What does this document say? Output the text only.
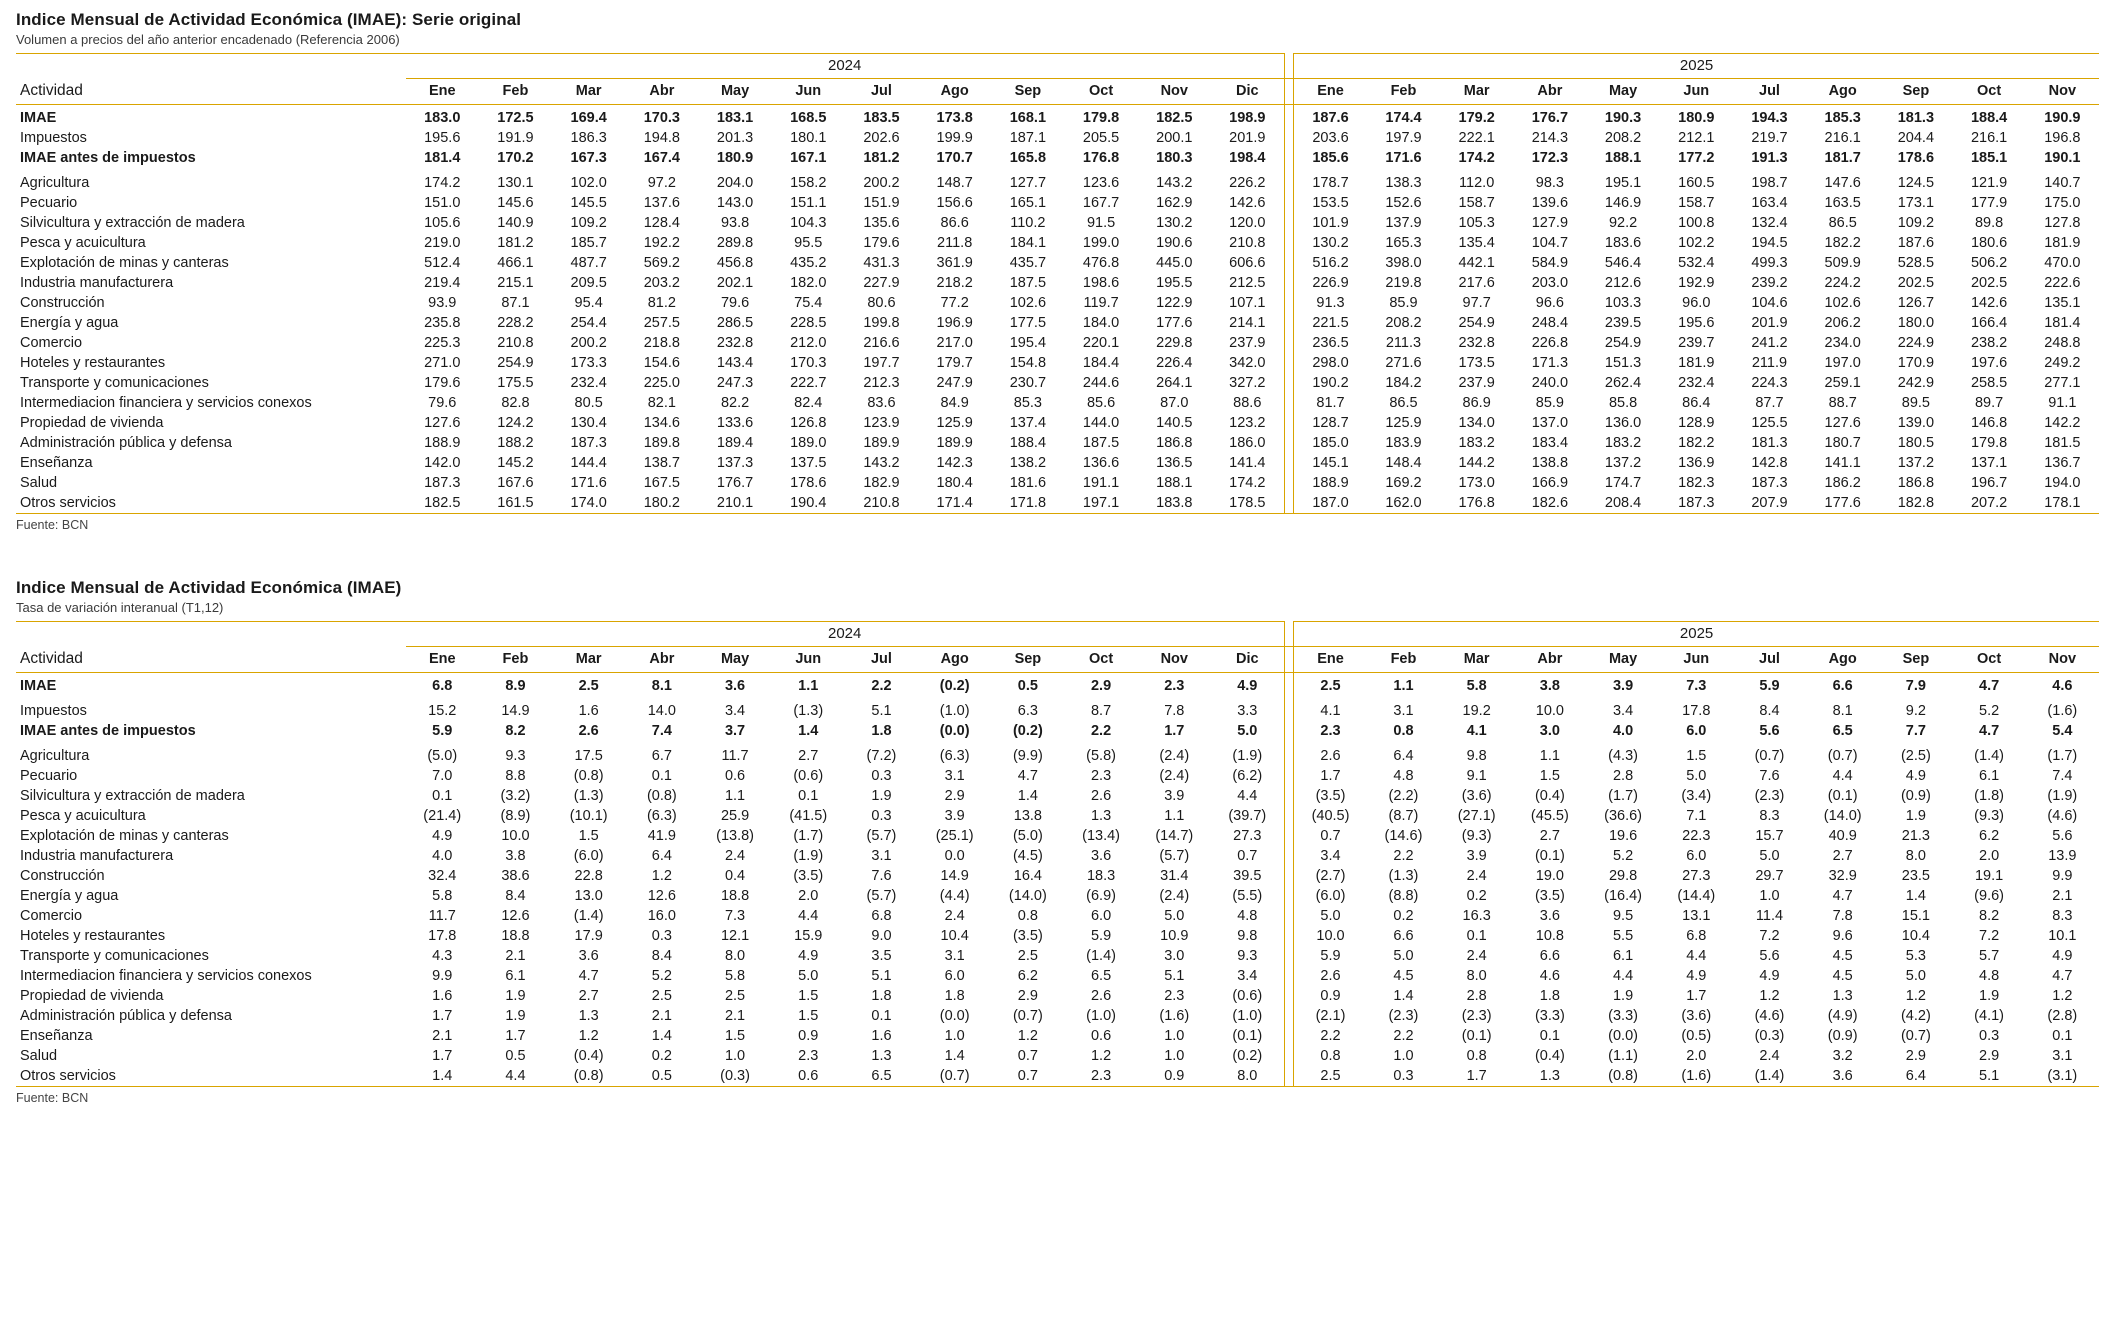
Indice Mensual de Actividad Económica (IMAE): Serie original
Volumen a precios del año anterior encadenado (Referencia 2006)
Actividad	2024													2025										
	Ene	Feb	Mar	Abr	May	Jun	Jul	Ago	Sep	Oct	Nov	Dic		Ene	Feb	Mar	Abr	May	Jun	Jul	Ago	Sep	Oct	Nov
IMAE	183.0	172.5	169.4	170.3	183.1	168.5	183.5	173.8	168.1	179.8	182.5	198.9		187.6	174.4	179.2	176.7	190.3	180.9	194.3	185.3	181.3	188.4	190.9
Impuestos	195.6	191.9	186.3	194.8	201.3	180.1	202.6	199.9	187.1	205.5	200.1	201.9		203.6	197.9	222.1	214.3	208.2	212.1	219.7	216.1	204.4	216.1	196.8
IMAE antes de impuestos	181.4	170.2	167.3	167.4	180.9	167.1	181.2	170.7	165.8	176.8	180.3	198.4		185.6	171.6	174.2	172.3	188.1	177.2	191.3	181.7	178.6	185.1	190.1
Agricultura	174.2	130.1	102.0	97.2	204.0	158.2	200.2	148.7	127.7	123.6	143.2	226.2		178.7	138.3	112.0	98.3	195.1	160.5	198.7	147.6	124.5	121.9	140.7
Pecuario	151.0	145.6	145.5	137.6	143.0	151.1	151.9	156.6	165.1	167.7	162.9	142.6		153.5	152.6	158.7	139.6	146.9	158.7	163.4	163.5	173.1	177.9	175.0
Silvicultura y extracción de madera	105.6	140.9	109.2	128.4	93.8	104.3	135.6	86.6	110.2	91.5	130.2	120.0		101.9	137.9	105.3	127.9	92.2	100.8	132.4	86.5	109.2	89.8	127.8
Pesca y acuicultura	219.0	181.2	185.7	192.2	289.8	95.5	179.6	211.8	184.1	199.0	190.6	210.8		130.2	165.3	135.4	104.7	183.6	102.2	194.5	182.2	187.6	180.6	181.9
Explotación de minas y canteras	512.4	466.1	487.7	569.2	456.8	435.2	431.3	361.9	435.7	476.8	445.0	606.6		516.2	398.0	442.1	584.9	546.4	532.4	499.3	509.9	528.5	506.2	470.0
Industria manufacturera	219.4	215.1	209.5	203.2	202.1	182.0	227.9	218.2	187.5	198.6	195.5	212.5		226.9	219.8	217.6	203.0	212.6	192.9	239.2	224.2	202.5	202.5	222.6
Construcción	93.9	87.1	95.4	81.2	79.6	75.4	80.6	77.2	102.6	119.7	122.9	107.1		91.3	85.9	97.7	96.6	103.3	96.0	104.6	102.6	126.7	142.6	135.1
Energía y agua	235.8	228.2	254.4	257.5	286.5	228.5	199.8	196.9	177.5	184.0	177.6	214.1		221.5	208.2	254.9	248.4	239.5	195.6	201.9	206.2	180.0	166.4	181.4
Comercio	225.3	210.8	200.2	218.8	232.8	212.0	216.6	217.0	195.4	220.1	229.8	237.9		236.5	211.3	232.8	226.8	254.9	239.7	241.2	234.0	224.9	238.2	248.8
Hoteles y restaurantes	271.0	254.9	173.3	154.6	143.4	170.3	197.7	179.7	154.8	184.4	226.4	342.0		298.0	271.6	173.5	171.3	151.3	181.9	211.9	197.0	170.9	197.6	249.2
Transporte y comunicaciones	179.6	175.5	232.4	225.0	247.3	222.7	212.3	247.9	230.7	244.6	264.1	327.2		190.2	184.2	237.9	240.0	262.4	232.4	224.3	259.1	242.9	258.5	277.1
Intermediacion financiera y servicios conexos	79.6	82.8	80.5	82.1	82.2	82.4	83.6	84.9	85.3	85.6	87.0	88.6		81.7	86.5	86.9	85.9	85.8	86.4	87.7	88.7	89.5	89.7	91.1
Propiedad de vivienda	127.6	124.2	130.4	134.6	133.6	126.8	123.9	125.9	137.4	144.0	140.5	123.2		128.7	125.9	134.0	137.0	136.0	128.9	125.5	127.6	139.0	146.8	142.2
Administración pública y defensa	188.9	188.2	187.3	189.8	189.4	189.0	189.9	189.9	188.4	187.5	186.8	186.0		185.0	183.9	183.2	183.4	183.2	182.2	181.3	180.7	180.5	179.8	181.5
Enseñanza	142.0	145.2	144.4	138.7	137.3	137.5	143.2	142.3	138.2	136.6	136.5	141.4		145.1	148.4	144.2	138.8	137.2	136.9	142.8	141.1	137.2	137.1	136.7
Salud	187.3	167.6	171.6	167.5	176.7	178.6	182.9	180.4	181.6	191.1	188.1	174.2		188.9	169.2	173.0	166.9	174.7	182.3	187.3	186.2	186.8	196.7	194.0
Otros servicios	182.5	161.5	174.0	180.2	210.1	190.4	210.8	171.4	171.8	197.1	183.8	178.5		187.0	162.0	176.8	182.6	208.4	187.3	207.9	177.6	182.8	207.2	178.1
Fuente: BCN
Indice Mensual de Actividad Económica (IMAE)
Tasa de variación interanual (T1,12)
Actividad	2024													2025										
	Ene	Feb	Mar	Abr	May	Jun	Jul	Ago	Sep	Oct	Nov	Dic		Ene	Feb	Mar	Abr	May	Jun	Jul	Ago	Sep	Oct	Nov
IMAE	6.8	8.9	2.5	8.1	3.6	1.1	2.2	(0.2)	0.5	2.9	2.3	4.9		2.5	1.1	5.8	3.8	3.9	7.3	5.9	6.6	7.9	4.7	4.6
Impuestos	15.2	14.9	1.6	14.0	3.4	(1.3)	5.1	(1.0)	6.3	8.7	7.8	3.3		4.1	3.1	19.2	10.0	3.4	17.8	8.4	8.1	9.2	5.2	(1.6)
IMAE antes de impuestos	5.9	8.2	2.6	7.4	3.7	1.4	1.8	(0.0)	(0.2)	2.2	1.7	5.0		2.3	0.8	4.1	3.0	4.0	6.0	5.6	6.5	7.7	4.7	5.4
Agricultura	(5.0)	9.3	17.5	6.7	11.7	2.7	(7.2)	(6.3)	(9.9)	(5.8)	(2.4)	(1.9)		2.6	6.4	9.8	1.1	(4.3)	1.5	(0.7)	(0.7)	(2.5)	(1.4)	(1.7)
Pecuario	7.0	8.8	(0.8)	0.1	0.6	(0.6)	0.3	3.1	4.7	2.3	(2.4)	(6.2)		1.7	4.8	9.1	1.5	2.8	5.0	7.6	4.4	4.9	6.1	7.4
Silvicultura y extracción de madera	0.1	(3.2)	(1.3)	(0.8)	1.1	0.1	1.9	2.9	1.4	2.6	3.9	4.4		(3.5)	(2.2)	(3.6)	(0.4)	(1.7)	(3.4)	(2.3)	(0.1)	(0.9)	(1.8)	(1.9)
Pesca y acuicultura	(21.4)	(8.9)	(10.1)	(6.3)	25.9	(41.5)	0.3	3.9	13.8	1.3	1.1	(39.7)		(40.5)	(8.7)	(27.1)	(45.5)	(36.6)	7.1	8.3	(14.0)	1.9	(9.3)	(4.6)
Explotación de minas y canteras	4.9	10.0	1.5	41.9	(13.8)	(1.7)	(5.7)	(25.1)	(5.0)	(13.4)	(14.7)	27.3		0.7	(14.6)	(9.3)	2.7	19.6	22.3	15.7	40.9	21.3	6.2	5.6
Industria manufacturera	4.0	3.8	(6.0)	6.4	2.4	(1.9)	3.1	0.0	(4.5)	3.6	(5.7)	0.7		3.4	2.2	3.9	(0.1)	5.2	6.0	5.0	2.7	8.0	2.0	13.9
Construcción	32.4	38.6	22.8	1.2	0.4	(3.5)	7.6	14.9	16.4	18.3	31.4	39.5		(2.7)	(1.3)	2.4	19.0	29.8	27.3	29.7	32.9	23.5	19.1	9.9
Energía y agua	5.8	8.4	13.0	12.6	18.8	2.0	(5.7)	(4.4)	(14.0)	(6.9)	(2.4)	(5.5)		(6.0)	(8.8)	0.2	(3.5)	(16.4)	(14.4)	1.0	4.7	1.4	(9.6)	2.1
Comercio	11.7	12.6	(1.4)	16.0	7.3	4.4	6.8	2.4	0.8	6.0	5.0	4.8		5.0	0.2	16.3	3.6	9.5	13.1	11.4	7.8	15.1	8.2	8.3
Hoteles y restaurantes	17.8	18.8	17.9	0.3	12.1	15.9	9.0	10.4	(3.5)	5.9	10.9	9.8		10.0	6.6	0.1	10.8	5.5	6.8	7.2	9.6	10.4	7.2	10.1
Transporte y comunicaciones	4.3	2.1	3.6	8.4	8.0	4.9	3.5	3.1	2.5	(1.4)	3.0	9.3		5.9	5.0	2.4	6.6	6.1	4.4	5.6	4.5	5.3	5.7	4.9
Intermediacion financiera y servicios conexos	9.9	6.1	4.7	5.2	5.8	5.0	5.1	6.0	6.2	6.5	5.1	3.4		2.6	4.5	8.0	4.6	4.4	4.9	4.9	4.5	5.0	4.8	4.7
Propiedad de vivienda	1.6	1.9	2.7	2.5	2.5	1.5	1.8	1.8	2.9	2.6	2.3	(0.6)		0.9	1.4	2.8	1.8	1.9	1.7	1.2	1.3	1.2	1.9	1.2
Administración pública y defensa	1.7	1.9	1.3	2.1	2.1	1.5	0.1	(0.0)	(0.7)	(1.0)	(1.6)	(1.0)		(2.1)	(2.3)	(2.3)	(3.3)	(3.3)	(3.6)	(4.6)	(4.9)	(4.2)	(4.1)	(2.8)
Enseñanza	2.1	1.7	1.2	1.4	1.5	0.9	1.6	1.0	1.2	0.6	1.0	(0.1)		2.2	2.2	(0.1)	0.1	(0.0)	(0.5)	(0.3)	(0.9)	(0.7)	0.3	0.1
Salud	1.7	0.5	(0.4)	0.2	1.0	2.3	1.3	1.4	0.7	1.2	1.0	(0.2)		0.8	1.0	0.8	(0.4)	(1.1)	2.0	2.4	3.2	2.9	2.9	3.1
Otros servicios	1.4	4.4	(0.8)	0.5	(0.3)	0.6	6.5	(0.7)	0.7	2.3	0.9	8.0		2.5	0.3	1.7	1.3	(0.8)	(1.6)	(1.4)	3.6	6.4	5.1	(3.1)
Fuente: BCN
